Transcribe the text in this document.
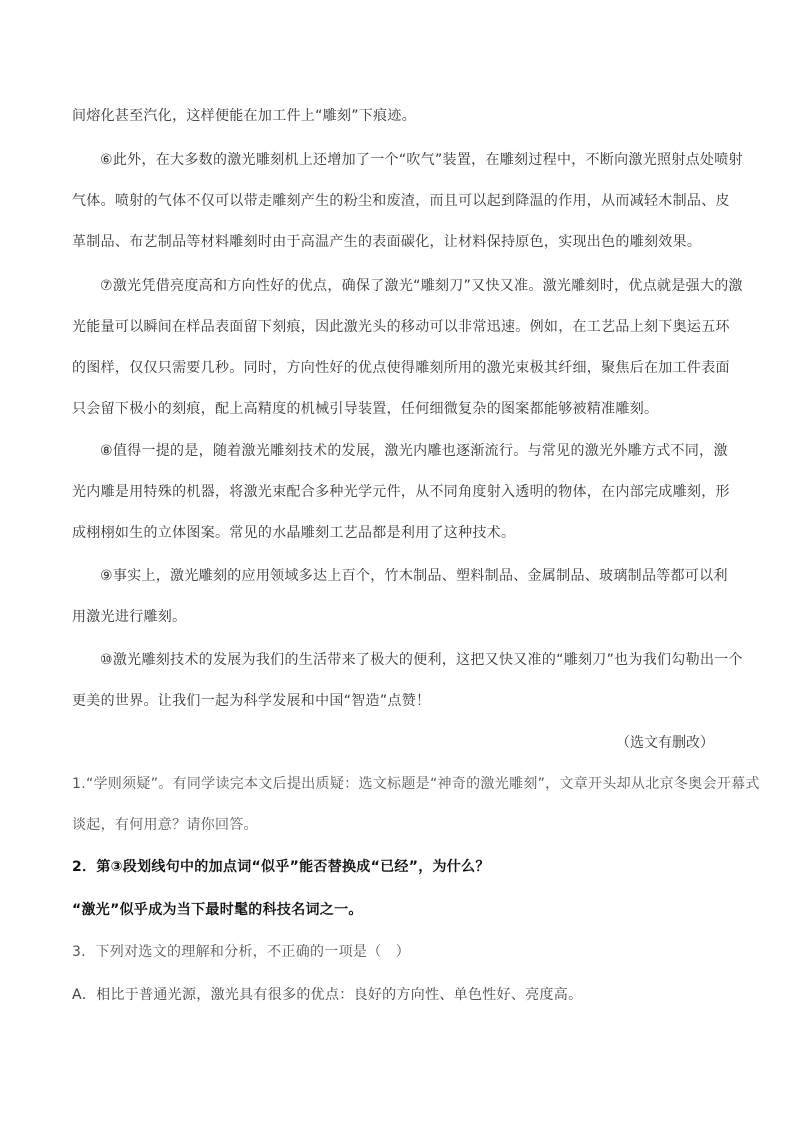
间熔化甚至汽化，这样便能在加工件上“雕刻”下痕迹。
⑥此外，在大多数的激光雕刻机上还增加了一个“吹气”装置，在雕刻过程中，不断向激光照射点处喷射
气体。喷射的气体不仅可以带走雕刻产生的粉尘和废渣，而且可以起到降温的作用，从而减轻木制品、皮
革制品、布艺制品等材料雕刻时由于高温产生的表面碳化，让材料保持原色，实现出色的雕刻效果。
⑦激光凭借亮度高和方向性好的优点，确保了激光“雕刻刀”又快又准。激光雕刻时，优点就是强大的激
光能量可以瞬间在样品表面留下刻痕，因此激光头的移动可以非常迅速。例如，在工艺品上刻下奥运五环
的图样，仅仅只需要几秒。同时，方向性好的优点使得雕刻所用的激光束极其纤细，聚焦后在加工件表面
只会留下极小的刻痕，配上高精度的机械引导装置，任何细微复杂的图案都能够被精准雕刻。
⑧值得一提的是，随着激光雕刻技术的发展，激光内雕也逐渐流行。与常见的激光外雕方式不同，激
光内雕是用特殊的机器，将激光束配合多种光学元件，从不同角度射入透明的物体，在内部完成雕刻，形
成栩栩如生的立体图案。常见的水晶雕刻工艺品都是利用了这种技术。
⑨事实上，激光雕刻的应用领域多达上百个，竹木制品、塑料制品、金属制品、玻璃制品等都可以利
用激光进行雕刻。
⑩激光雕刻技术的发展为我们的生活带来了极大的便利，这把又快又准的“雕刻刀”也为我们勾勒出一个
更美的世界。让我们一起为科学发展和中国“智造”点赞！
（选文有删改）
1.“学则须疑”。有同学读完本文后提出质疑：选文标题是“神奇的激光雕刻”，文章开头却从北京冬奥会开幕式
谈起，有何用意？请你回答。
2．第③段划线句中的加点词“似乎”能否替换成“已经”，为什么？
“激光”似乎成为当下最时髦的科技名词之一。
3．下列对选文的理解和分析，不正确的一项是（　）
A．相比于普通光源，激光具有很多的优点：良好的方向性、单色性好、亮度高。
